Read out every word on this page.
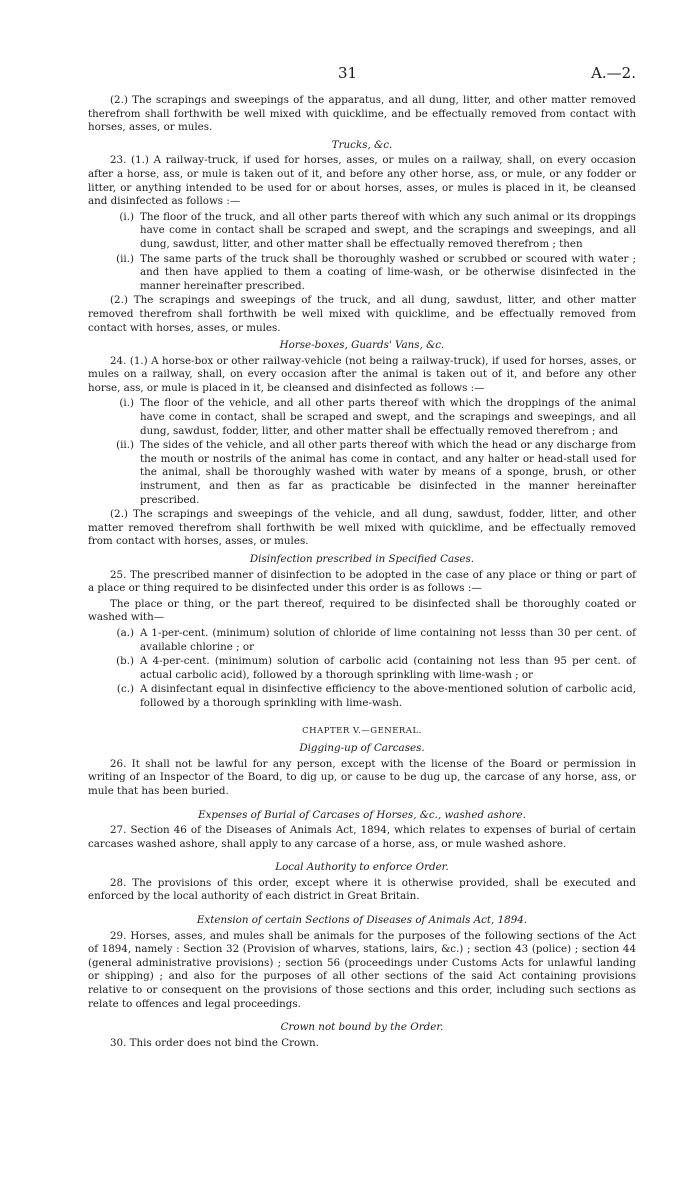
31	A.—2.

(2.) The scrapings and sweepings of the apparatus, and all dung, litter, and other matter removed therefrom shall forthwith be well mixed with quicklime, and be effectually removed from contact with horses, asses, or mules.

Trucks, &c.

23. (1.) A railway-truck, if used for horses, asses, or mules on a railway, shall, on every occasion after a horse, ass, or mule is taken out of it, and before any other horse, ass, or mule, or any fodder or litter, or anything intended to be used for or about horses, asses, or mules is placed in it, be cleansed and disinfected as follows :—

(i.) The floor of the truck, and all other parts thereof with which any such animal or its droppings have come in contact shall be scraped and swept, and the scrapings and sweepings, and all dung, sawdust, litter, and other matter shall be effectually removed therefrom ; then
(ii.) The same parts of the truck shall be thoroughly washed or scrubbed or scoured with water ; and then have applied to them a coating of lime-wash, or be otherwise disinfected in the manner hereinafter prescribed.

(2.) The scrapings and sweepings of the truck, and all dung, sawdust, litter, and other matter removed therefrom shall forthwith be well mixed with quicklime, and be effectually removed from contact with horses, asses, or mules.

Horse-boxes, Guards' Vans, &c.

24. (1.) A horse-box or other railway-vehicle (not being a railway-truck), if used for horses, asses, or mules on a railway, shall, on every occasion after the animal is taken out of it, and before any other horse, ass, or mule is placed in it, be cleansed and disinfected as follows :—

(i.) The floor of the vehicle, and all other parts thereof with which the droppings of the animal have come in contact, shall be scraped and swept, and the scrapings and sweepings, and all dung, sawdust, fodder, litter, and other matter shall be effectually removed therefrom ; and
(ii.) The sides of the vehicle, and all other parts thereof with which the head or any discharge from the mouth or nostrils of the animal has come in contact, and any halter or head-stall used for the animal, shall be thoroughly washed with water by means of a sponge, brush, or other instrument, and then as far as practicable be disinfected in the manner hereinafter prescribed.

(2.) The scrapings and sweepings of the vehicle, and all dung, sawdust, fodder, litter, and other matter removed therefrom shall forthwith be well mixed with quicklime, and be effectually removed from contact with horses, asses, or mules.

Disinfection prescribed in Specified Cases.

25. The prescribed manner of disinfection to be adopted in the case of any place or thing or part of a place or thing required to be disinfected under this order is as follows :—

The place or thing, or the part thereof, required to be disinfected shall be thoroughly coated or washed with—

(a.) A 1-per-cent. (minimum) solution of chloride of lime containing not lesss than 30 per cent. of available chlorine ; or
(b.) A 4-per-cent. (minimum) solution of carbolic acid (containing not less than 95 per cent. of actual carbolic acid), followed by a thorough sprinkling with lime-wash ; or
(c.) A disinfectant equal in disinfective efficiency to the above-mentioned solution of carbolic acid, followed by a thorough sprinkling with lime-wash.

CHAPTER V.—GENERAL.

Digging-up of Carcases.

26. It shall not be lawful for any person, except with the license of the Board or permission in writing of an Inspector of the Board, to dig up, or cause to be dug up, the carcase of any horse, ass, or mule that has been buried.

Expenses of Burial of Carcases of Horses, &c., washed ashore.

27. Section 46 of the Diseases of Animals Act, 1894, which relates to expenses of burial of certain carcases washed ashore, shall apply to any carcase of a horse, ass, or mule washed ashore.

Local Authority to enforce Order.

28. The provisions of this order, except where it is otherwise provided, shall be executed and enforced by the local authority of each district in Great Britain.

Extension of certain Sections of Diseases of Animals Act, 1894.

29. Horses, asses, and mules shall be animals for the purposes of the following sections of the Act of 1894, namely : Section 32 (Provision of wharves, stations, lairs, &c.) ; section 43 (police) ; section 44 (general administrative provisions) ; section 56 (proceedings under Customs Acts for unlawful landing or shipping) ; and also for the purposes of all other sections of the said Act containing provisions relative to or consequent on the provisions of those sections and this order, including such sections as relate to offences and legal proceedings.

Crown not bound by the Order.

30. This order does not bind the Crown.
